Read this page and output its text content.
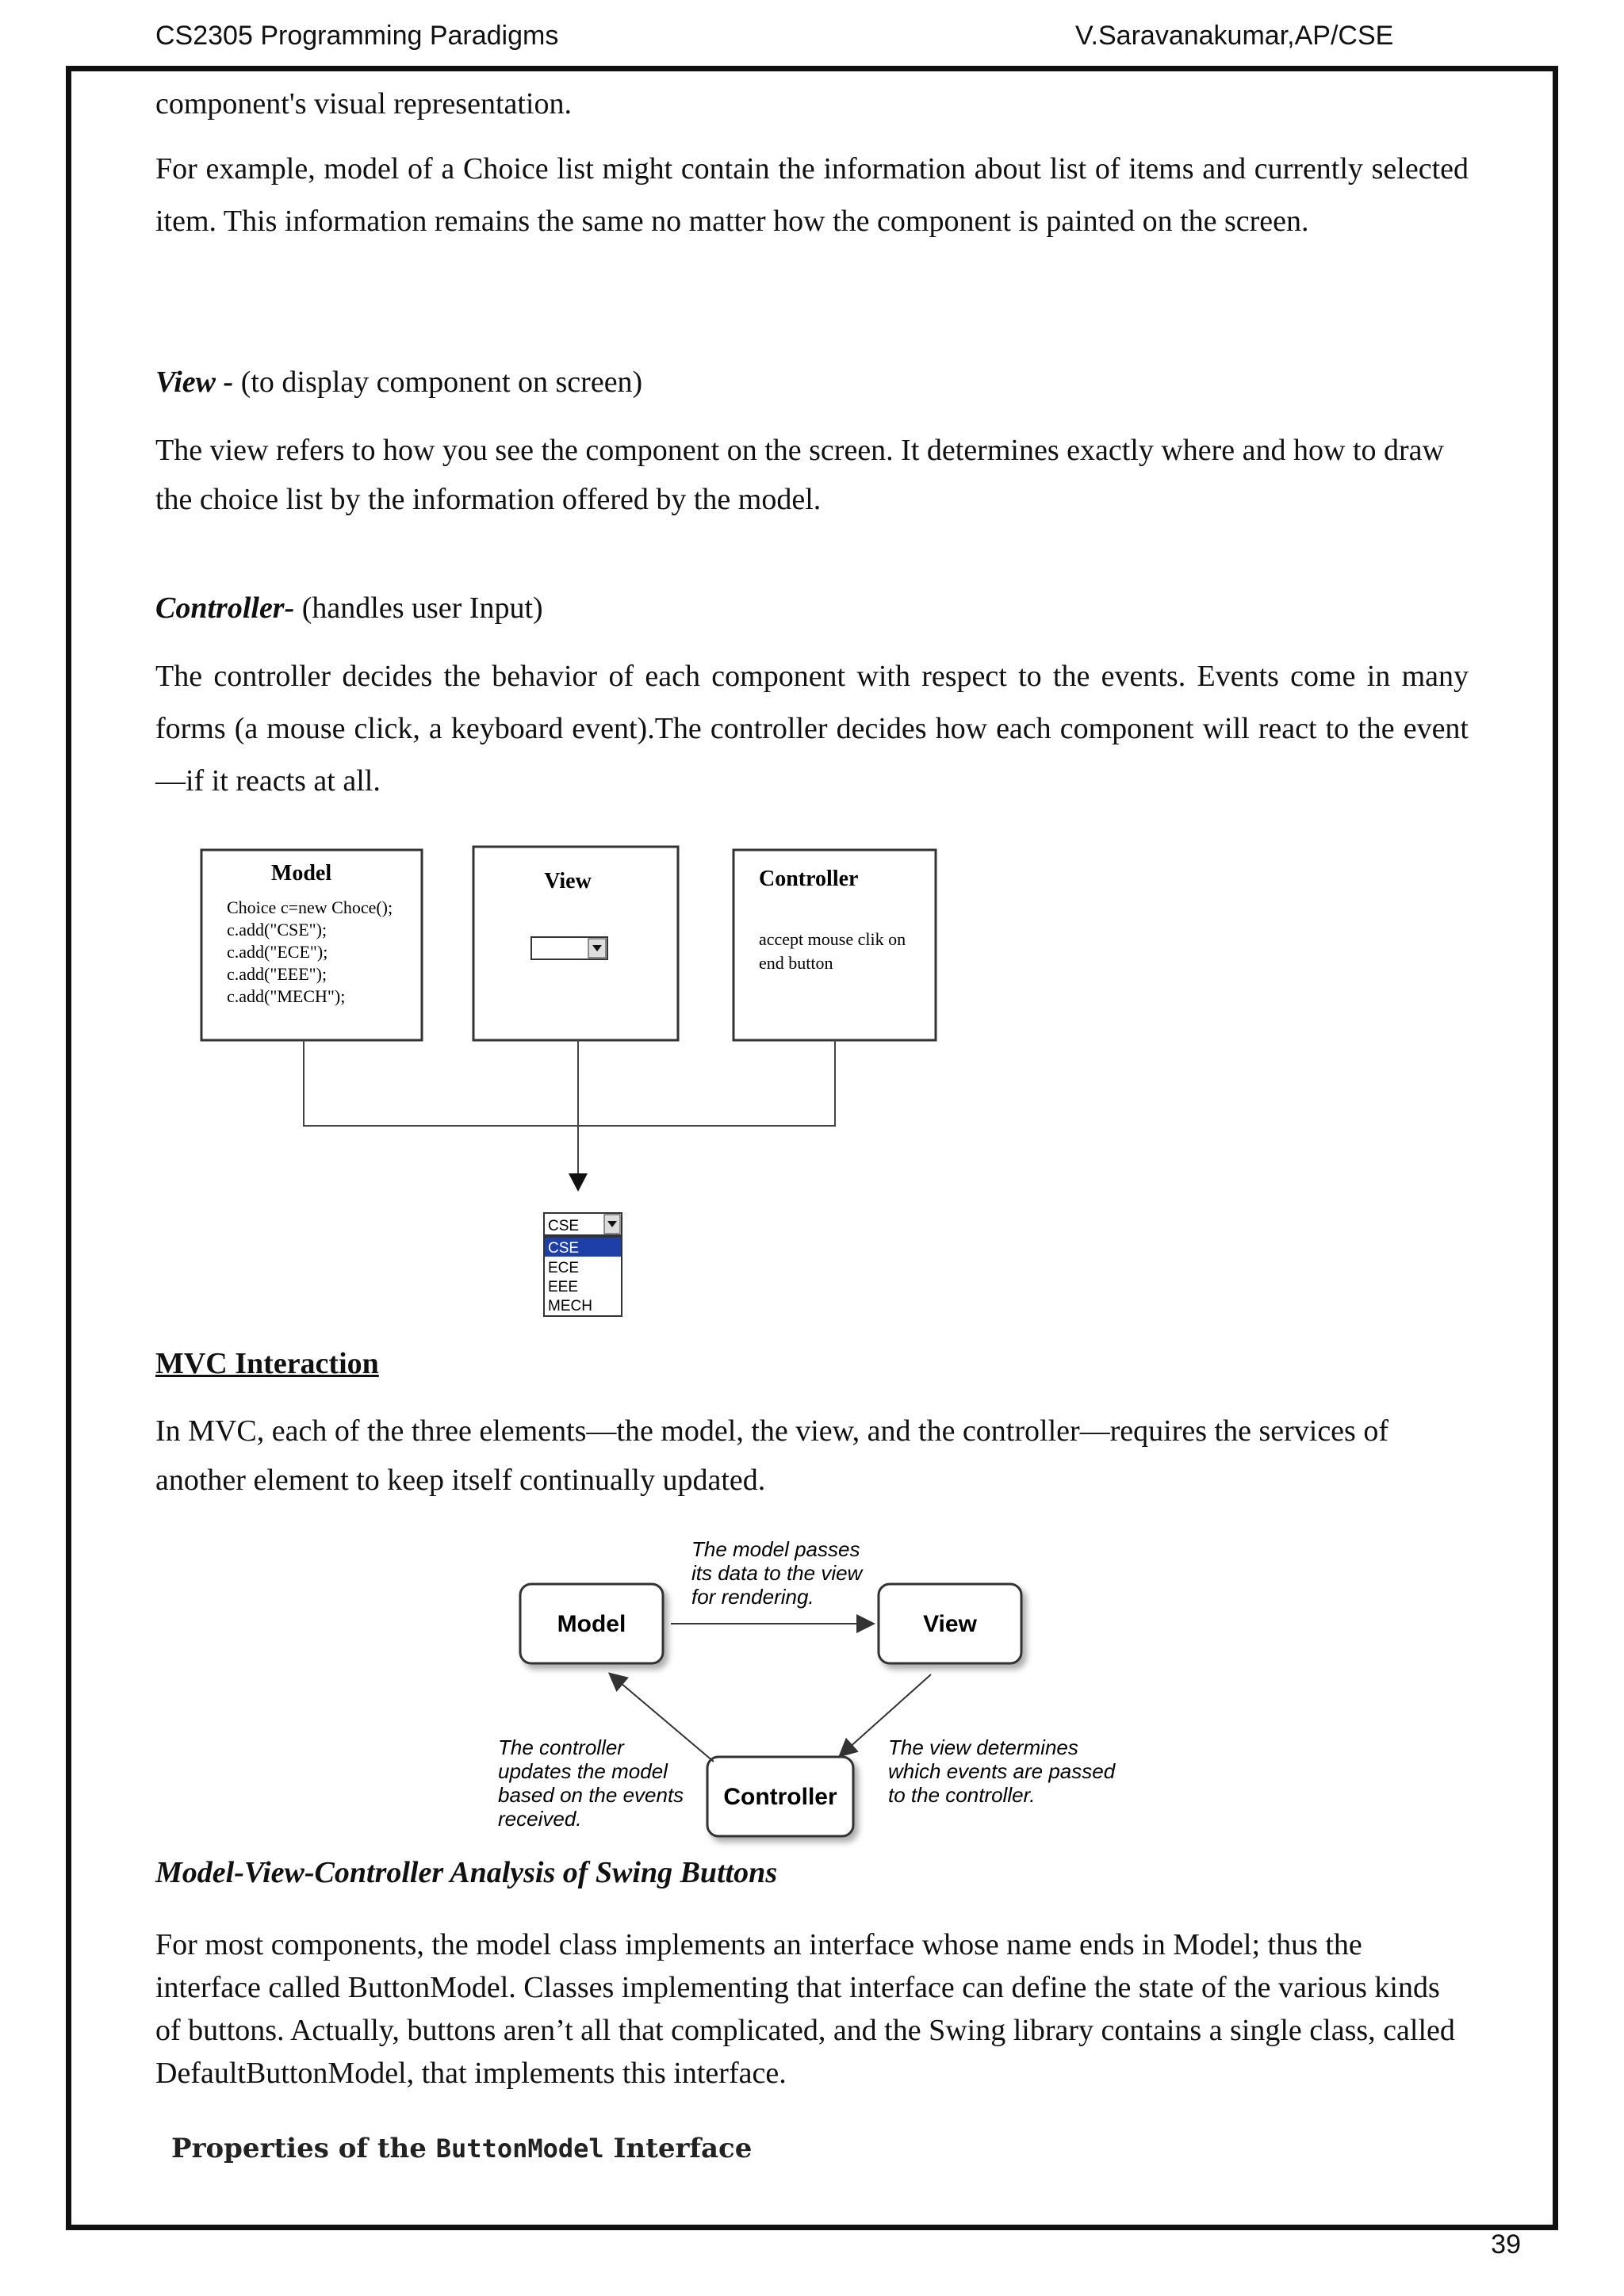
CS2305 Programming Paradigms	V.Saravanakumar,AP/CSE
component's visual representation.
For example, model of a Choice list might contain the information about list of items and currently selected item. This information remains the same no matter how the component is painted on the screen.
View - (to display component on screen)
The view refers to how you see the component on the screen. It determines exactly where and how to draw the choice list by the information offered by the model.
Controller- (handles user Input)
The controller decides the behavior of each component with respect to the events. Events come in many forms (a mouse click, a keyboard event).The controller decides how each component will react to the event—if it reacts at all.
Model
Choice c=new Choce();
c.add("CSE");
c.add("ECE");
c.add("EEE");
c.add("MECH");
View	Controller
accept mouse clik on
end button
CSE
CSE
ECE
EEE
MECH
MVC Interaction
In MVC, each of the three elements—the model, the view, and the controller—requires the services of another element to keep itself continually updated.
The model passes
its data to the view
for rendering.
Model	View
Controller
The controller
updates the model
based on the events
received.
The view determines
which events are passed
to the controller.
Model-View-Controller Analysis of Swing Buttons
For most components, the model class implements an interface whose name ends in Model; thus the interface called ButtonModel. Classes implementing that interface can define the state of the various kinds of buttons. Actually, buttons aren’t all that complicated, and the Swing library contains a single class, called DefaultButtonModel, that implements this interface.
Properties of the ButtonModel Interface
39
